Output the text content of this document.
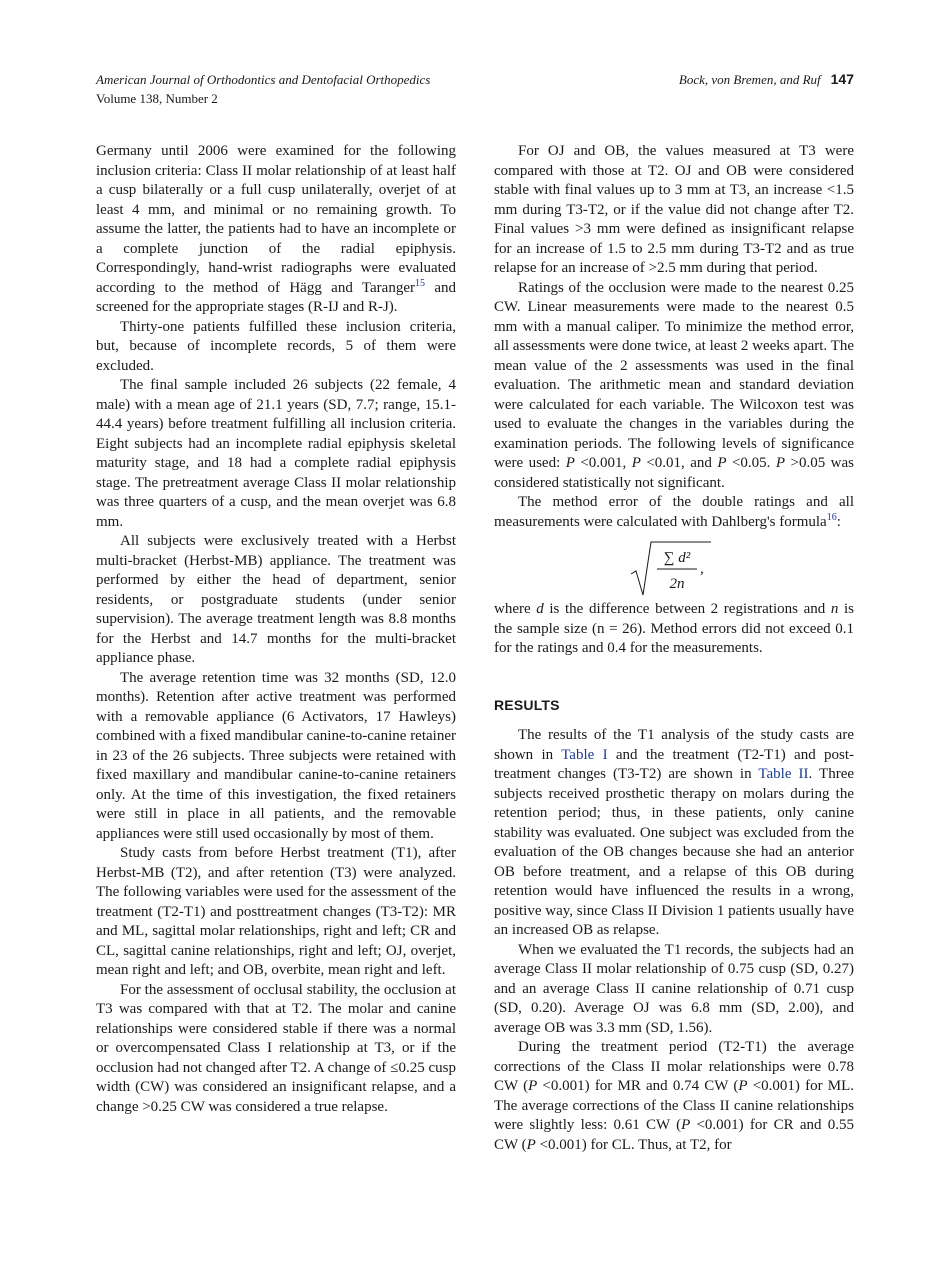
American Journal of Orthodontics and Dentofacial Orthopedics
Volume 138, Number 2
Bock, von Bremen, and Ruf 147

Germany until 2006 were examined for the following inclusion criteria: Class II molar relationship of at least half a cusp bilaterally or a full cusp unilaterally, overjet of at least 4 mm, and minimal or no remaining growth. To assume the latter, the patients had to have an incomplete or a complete junction of the radial epiphysis. Correspondingly, hand-wrist radiographs were evaluated according to the method of Hägg and Taranger$^{15}$ and screened for the appropriate stages (R-IJ and R-J).

Thirty-one patients fulfilled these inclusion criteria, but, because of incomplete records, 5 of them were excluded.

The final sample included 26 subjects (22 female, 4 male) with a mean age of 21.1 years (SD, 7.7; range, 15.1-44.4 years) before treatment fulfilling all inclusion criteria. Eight subjects had an incomplete radial epiphysis skeletal maturity stage, and 18 had a complete radial epiphysis stage. The pretreatment average Class II molar relationship was three quarters of a cusp, and the mean overjet was 6.8 mm.

All subjects were exclusively treated with a Herbst multi-bracket (Herbst-MB) appliance. The treatment was performed by either the head of department, senior residents, or postgraduate students (under senior supervision). The average treatment length was 8.8 months for the Herbst and 14.7 months for the multi-bracket appliance phase.

The average retention time was 32 months (SD, 12.0 months). Retention after active treatment was performed with a removable appliance (6 Activators, 17 Hawleys) combined with a fixed mandibular canine-to-canine retainer in 23 of the 26 subjects. Three subjects were retained with fixed maxillary and mandibular canine-to-canine retainers only. At the time of this investigation, the fixed retainers were still in place in all patients, and the removable appliances were still used occasionally by most of them.

Study casts from before Herbst treatment (T1), after Herbst-MB (T2), and after retention (T3) were analyzed. The following variables were used for the assessment of the treatment (T2-T1) and posttreatment changes (T3-T2): MR and ML, sagittal molar relationships, right and left; CR and CL, sagittal canine relationships, right and left; OJ, overjet, mean right and left; and OB, overbite, mean right and left.

For the assessment of occlusal stability, the occlusion at T3 was compared with that at T2. The molar and canine relationships were considered stable if there was a normal or overcompensated Class I relationship at T3, or if the occlusion had not changed after T2. A change of ≤0.25 cusp width (CW) was considered an insignificant relapse, and a change >0.25 CW was considered a true relapse.

For OJ and OB, the values measured at T3 were compared with those at T2. OJ and OB were considered stable with final values up to 3 mm at T3, an increase <1.5 mm during T3-T2, or if the value did not change after T2. Final values >3 mm were defined as insignificant relapse for an increase of 1.5 to 2.5 mm during T3-T2 and as true relapse for an increase of >2.5 mm during that period.

Ratings of the occlusion were made to the nearest 0.25 CW. Linear measurements were made to the nearest 0.5 mm with a manual caliper. To minimize the method error, all assessments were done twice, at least 2 weeks apart. The mean value of the 2 assessments was used in the final evaluation. The arithmetic mean and standard deviation were calculated for each variable. The Wilcoxon test was used to evaluate the changes in the variables during the examination periods. The following levels of significance were used: P <0.001, P <0.01, and P <0.05. P >0.05 was considered statistically not significant.

The method error of the double ratings and all measurements were calculated with Dahlberg's formula$^{16}$:

∑ d²
2n
,

where d is the difference between 2 registrations and n is the sample size (n = 26). Method errors did not exceed 0.1 for the ratings and 0.4 for the measurements.

RESULTS

The results of the T1 analysis of the study casts are shown in Table I and the treatment (T2-T1) and post-treatment changes (T3-T2) are shown in Table II. Three subjects received prosthetic therapy on molars during the retention period; thus, in these patients, only canine stability was evaluated. One subject was excluded from the evaluation of the OB changes because she had an anterior OB before treatment, and a relapse of this OB during retention would have influenced the results in a wrong, positive way, since Class II Division 1 patients usually have an increased OB as relapse.

When we evaluated the T1 records, the subjects had an average Class II molar relationship of 0.75 cusp (SD, 0.27) and an average Class II canine relationship of 0.71 cusp (SD, 0.20). Average OJ was 6.8 mm (SD, 2.00), and average OB was 3.3 mm (SD, 1.56).

During the treatment period (T2-T1) the average corrections of the Class II molar relationships were 0.78 CW (P <0.001) for MR and 0.74 CW (P <0.001) for ML. The average corrections of the Class II canine relationships were slightly less: 0.61 CW (P <0.001) for CR and 0.55 CW (P <0.001) for CL. Thus, at T2, for
